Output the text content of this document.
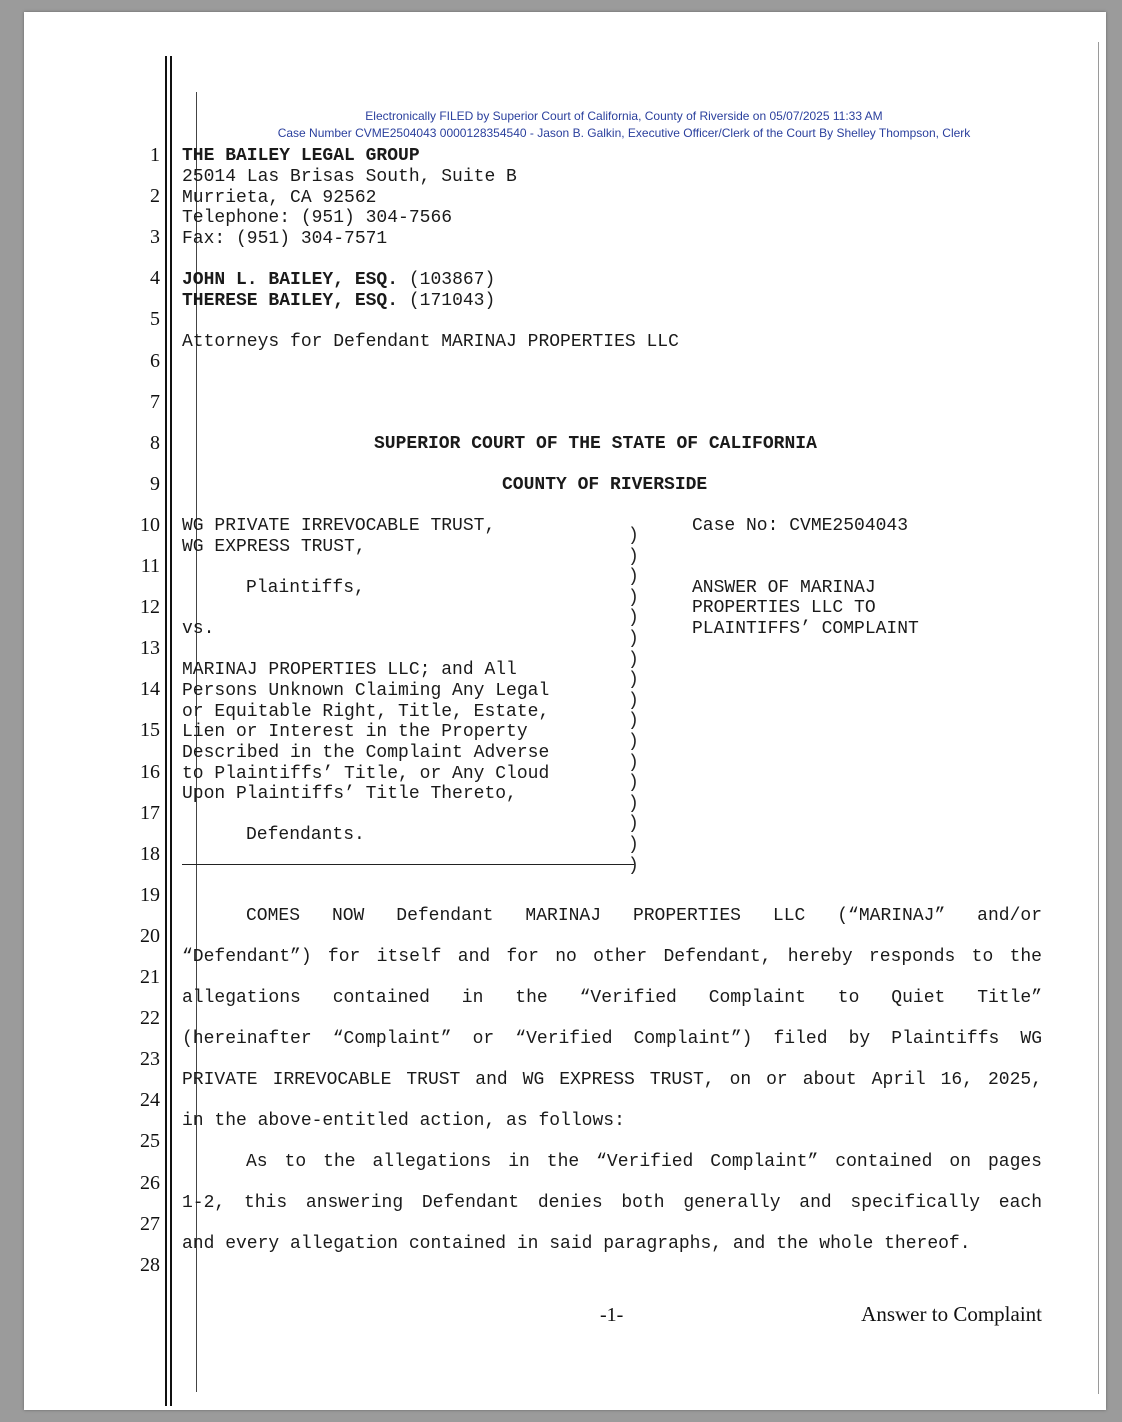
Electronically FILED by Superior Court of California, County of Riverside on 05/07/2025 11:33 AM
Case Number CVME2504043 0000128354540 - Jason B. Galkin, Executive Officer/Clerk of the Court By Shelley Thompson, Clerk
1
2
3
4
5
6
7
8
9
10
11
12
13
14
15
16
17
18
19
20
21
22
23
24
25
26
27
28
THE BAILEY LEGAL GROUP
25014 Las Brisas South, Suite B
Murrieta, CA 92562
Telephone: (951) 304-7566
Fax: (951) 304-7571
JOHN L. BAILEY, ESQ. (103867)
THERESE BAILEY, ESQ. (171043)
Attorneys for Defendant MARINAJ PROPERTIES LLC
SUPERIOR COURT OF THE STATE OF CALIFORNIA
COUNTY OF RIVERSIDE
WG PRIVATE IRREVOCABLE TRUST,
WG EXPRESS TRUST,
Plaintiffs,
vs.
MARINAJ PROPERTIES LLC; and All
Persons Unknown Claiming Any Legal
or Equitable Right, Title, Estate,
Lien or Interest in the Property
Described in the Complaint Adverse
to Plaintiffs’ Title, or Any Cloud
Upon Plaintiffs’ Title Thereto,
Defendants.
)
)
)
)
)
)
)
)
)
)
)
)
)
)
)
)
)
Case No: CVME2504043
ANSWER OF MARINAJ
PROPERTIES LLC TO
PLAINTIFFS’ COMPLAINT
COMES NOW Defendant MARINAJ PROPERTIES LLC (“MARINAJ” and/or
“Defendant”) for itself and for no other Defendant, hereby responds to the
allegations contained in the “Verified Complaint to Quiet Title”
(hereinafter “Complaint” or “Verified Complaint”) filed by Plaintiffs WG
PRIVATE IRREVOCABLE TRUST and WG EXPRESS TRUST, on or about April 16, 2025,
in the above-entitled action, as follows:
As to the allegations in the “Verified Complaint” contained on pages
1-2, this answering Defendant denies both generally and specifically each
and every allegation contained in said paragraphs, and the whole thereof.
-1-	Answer to Complaint
